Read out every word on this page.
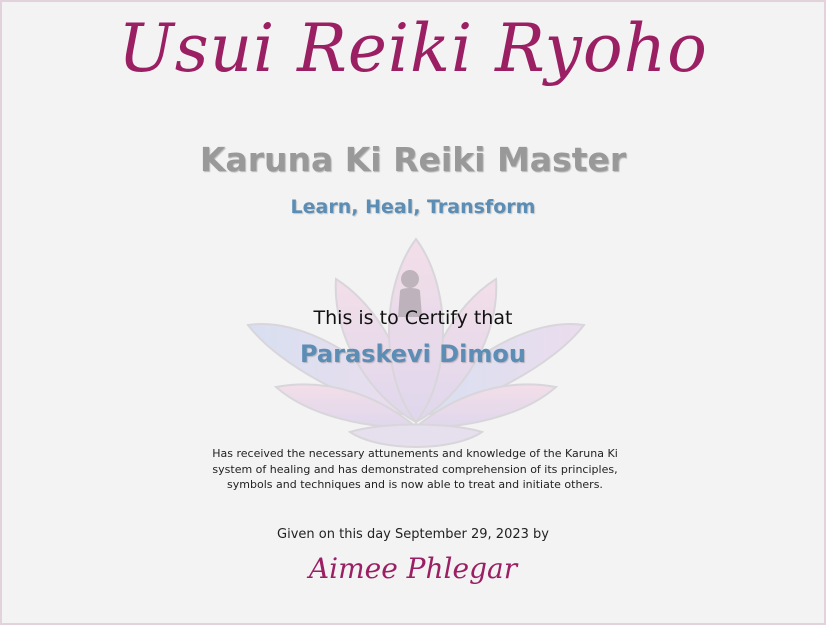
Usui Reiki Ryoho
Karuna Ki Reiki Master
Learn, Heal, Transform
This is to Certify that
Paraskevi Dimou
Has received the necessary attunements and knowledge of the Karuna Ki system of healing and has demonstrated comprehension of its principles, symbols and techniques and is now able to treat and initiate others.
Given on this day September 29, 2023 by
Aimee Phlegar
